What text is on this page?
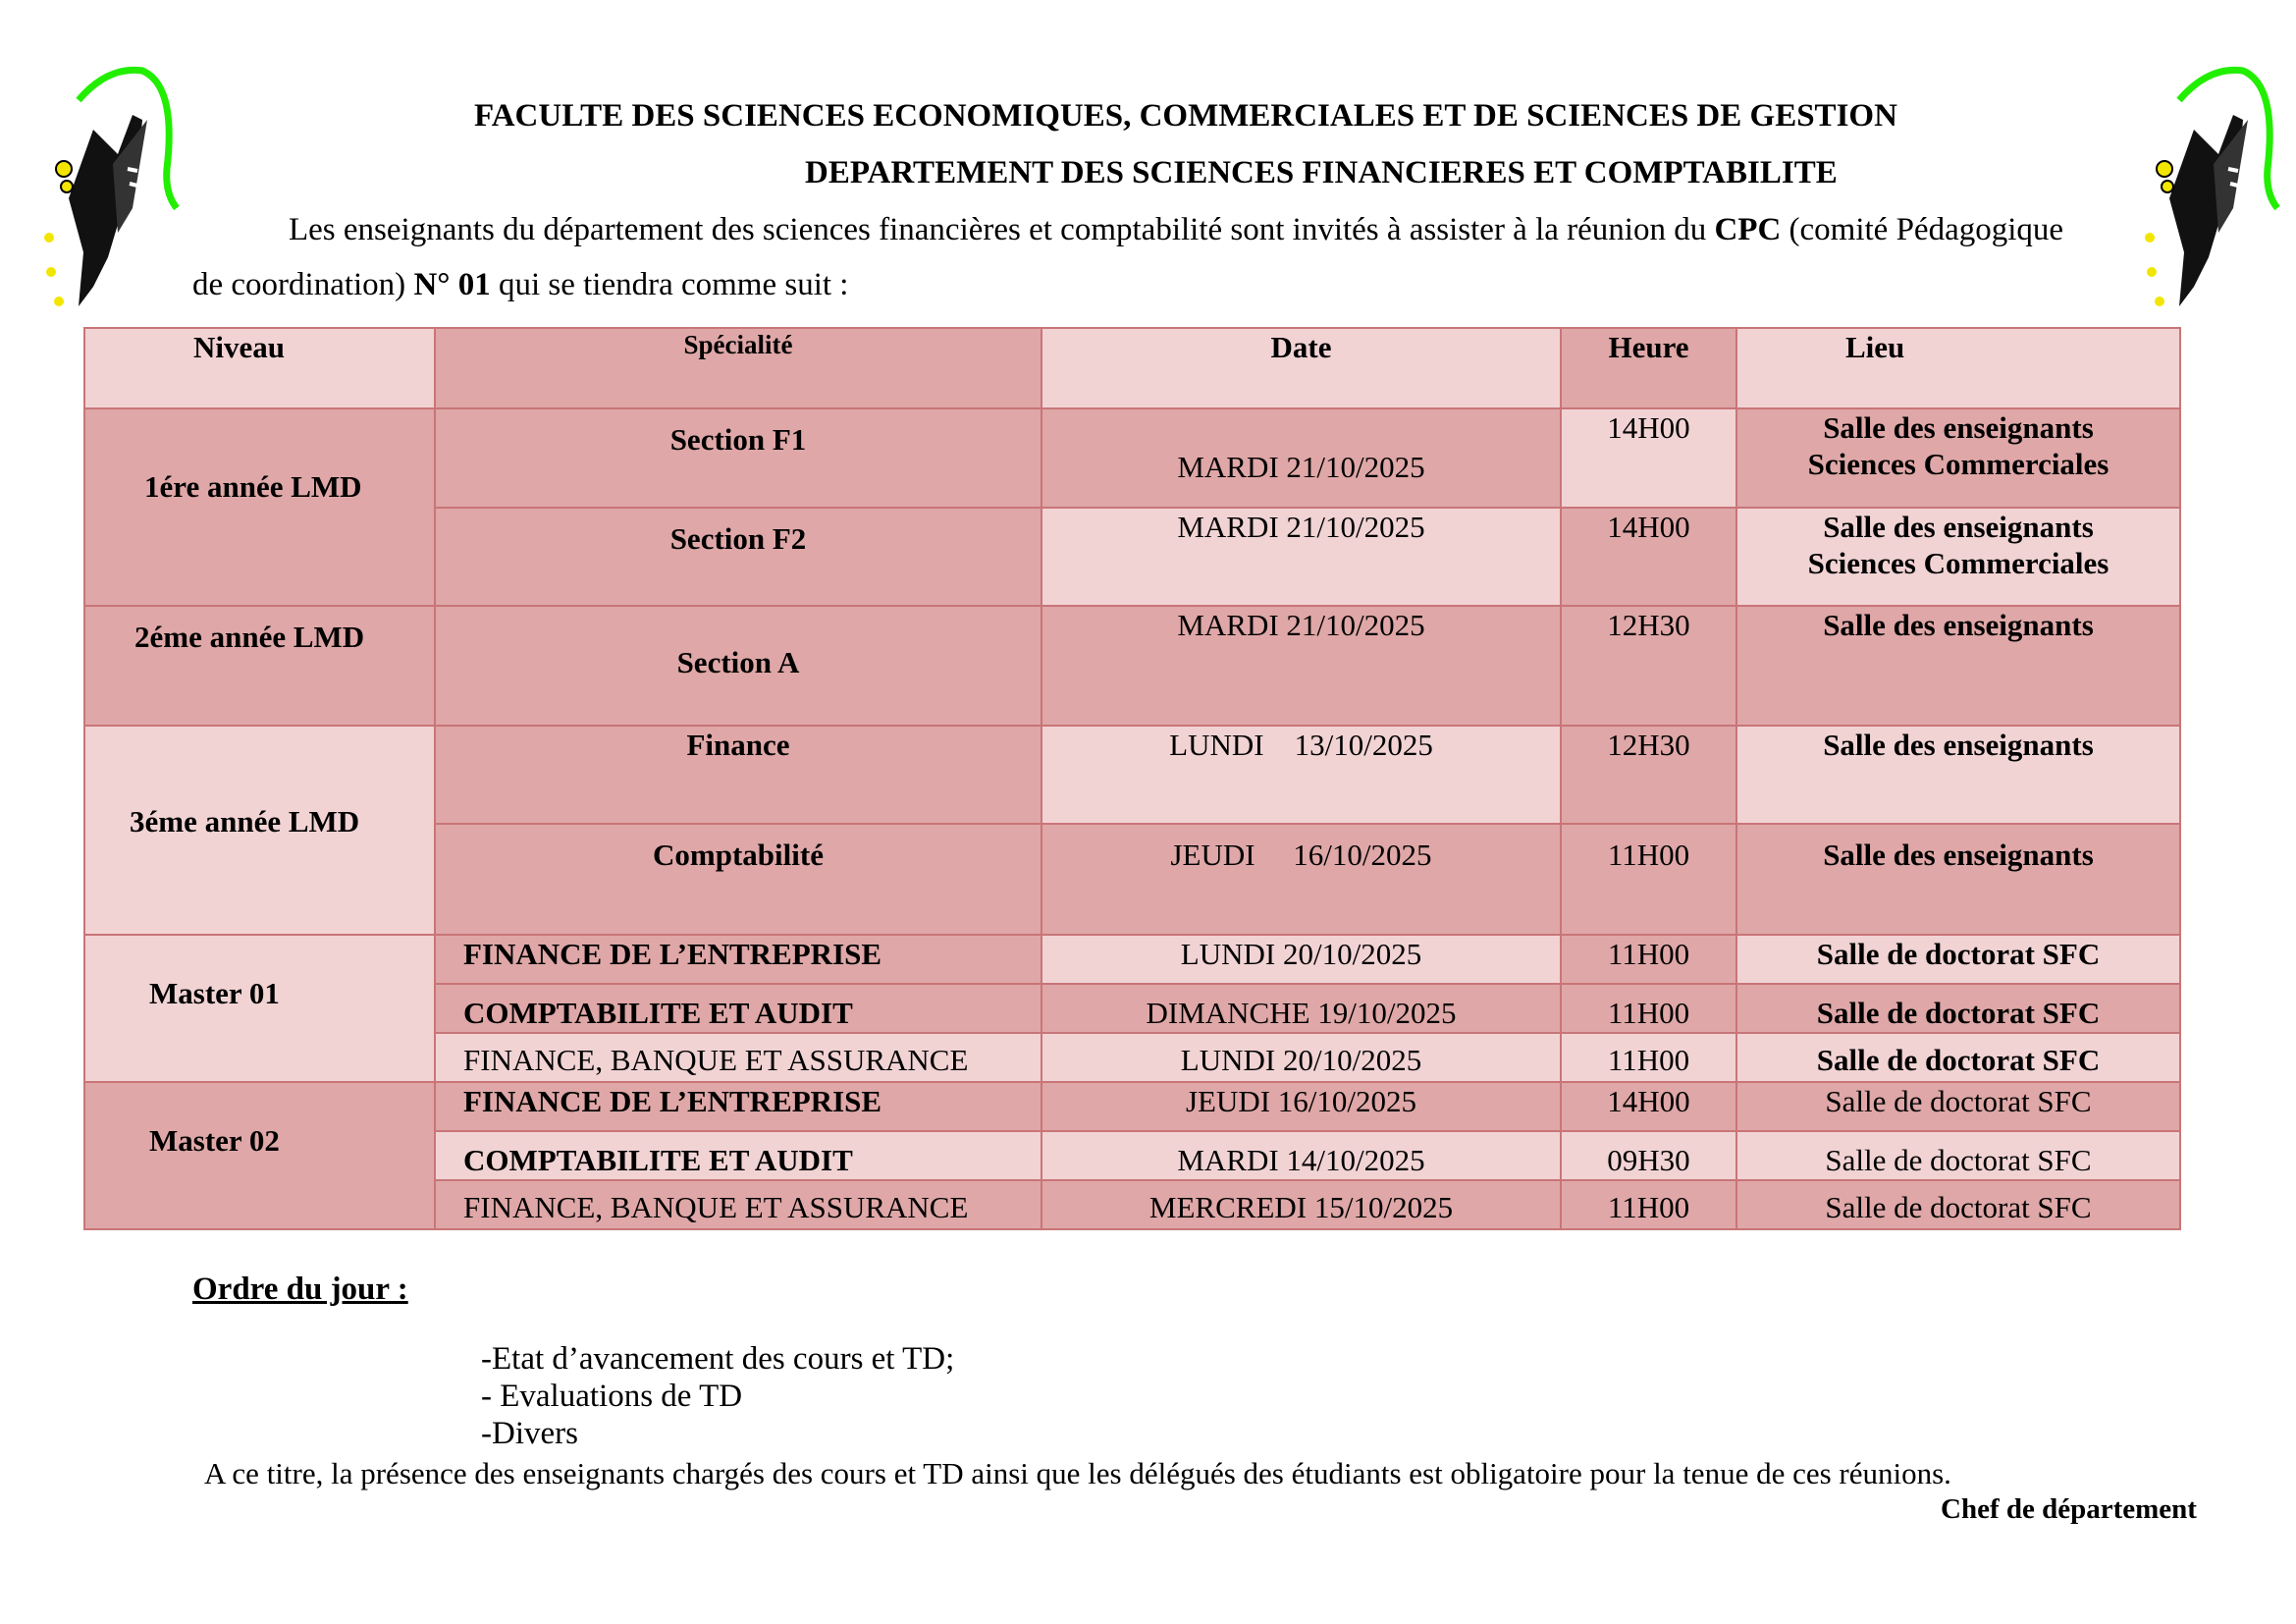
FACULTE DES SCIENCES ECONOMIQUES, COMMERCIALES ET DE SCIENCES DE GESTION
DEPARTEMENT DES SCIENCES FINANCIERES ET COMPTABILITE
Les enseignants du département des sciences financières et comptabilité sont invités à assister à la réunion du CPC (comité Pédagogique
de coordination) N° 01 qui se tiendra comme suit :
Niveau	Spécialité	Date	Heure	Lieu
1ére année LMD	Section F1	MARDI 21/10/2025	14H00	Salle des enseignants
Sciences Commerciales

	Section F2	MARDI 21/10/2025	14H00	Salle des enseignants
Sciences Commerciales

2éme année LMD	Section A	MARDI 21/10/2025	12H30	Salle des enseignants
3éme année LMD	Finance	LUNDI    13/10/2025	12H30	Salle des enseignants
	Comptabilité	JEUDI     16/10/2025	11H00	Salle des enseignants
Master 01	FINANCE DE L’ENTREPRISE	LUNDI 20/10/2025	11H00	Salle de doctorat SFC
	COMPTABILITE ET AUDIT	DIMANCHE 19/10/2025	11H00	Salle de doctorat SFC
	FINANCE, BANQUE ET ASSURANCE	LUNDI 20/10/2025	11H00	Salle de doctorat SFC
Master 02	FINANCE DE L’ENTREPRISE	JEUDI 16/10/2025	14H00	Salle de doctorat SFC
	COMPTABILITE ET AUDIT	MARDI 14/10/2025	09H30	Salle de doctorat SFC
	FINANCE, BANQUE ET ASSURANCE	MERCREDI 15/10/2025	11H00	Salle de doctorat SFC
Ordre du jour :
-Etat d’avancement des cours et TD;
- Evaluations de TD
-Divers
A ce titre, la présence des enseignants chargés des cours et TD ainsi que les délégués des étudiants est obligatoire pour la tenue de ces réunions.
Chef de département
